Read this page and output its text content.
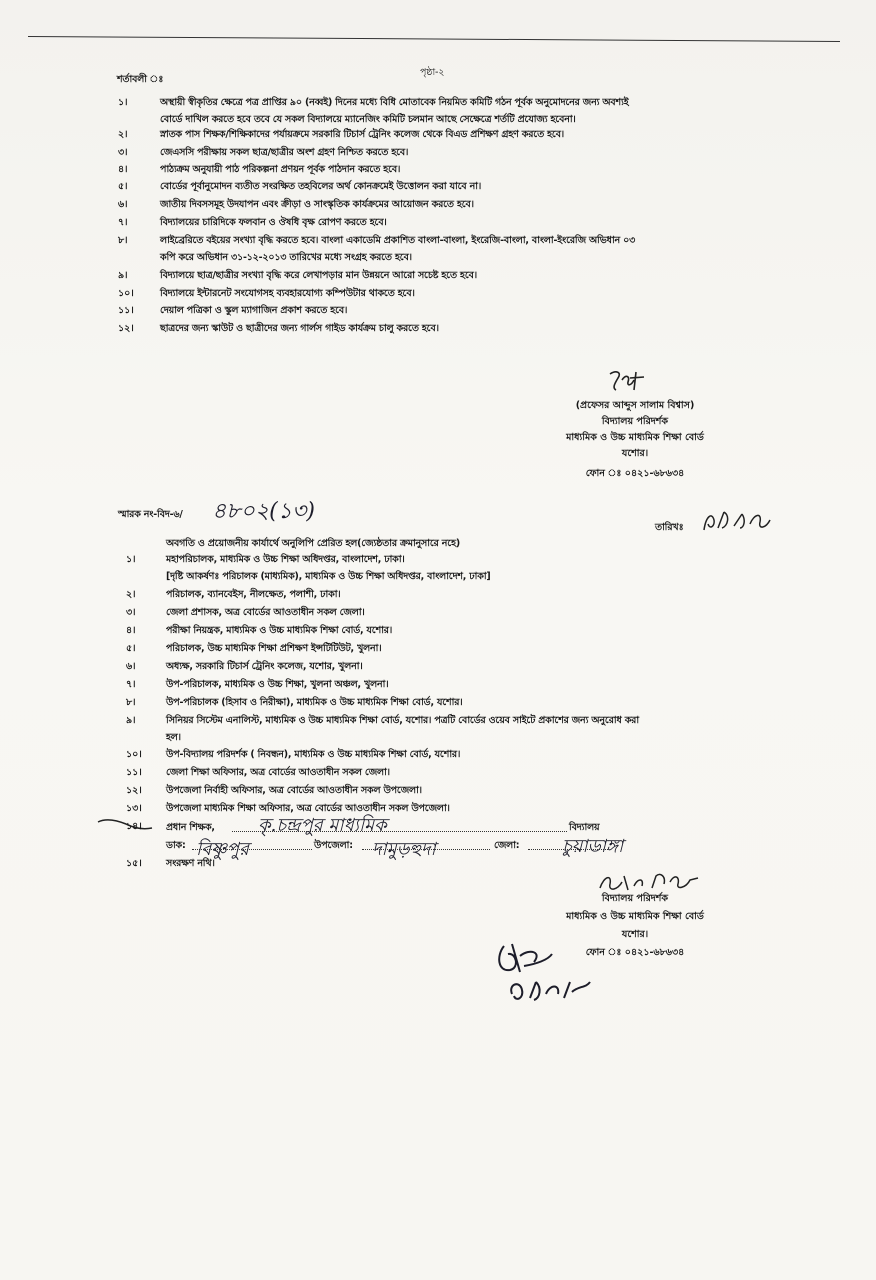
পৃষ্ঠা-২
শর্তাবলী ঃ
১।	অস্থায়ী স্বীকৃতির ক্ষেত্রে পত্র প্রাপ্তির ৯০ (নব্বই) দিনের মধ্যে বিধি মোতাবেক নিয়মিত কমিটি গঠন পূর্বক অনুমোদনের জন্য অবশ্যই
বোর্ডে দাখিল করতে হবে তবে যে সকল বিদ্যালয়ে ম্যানেজিং কমিটি চলমান আছে সেক্ষেত্রে শর্তটি প্রযোজ্য হবেনা।
২।	স্নাতক পাস শিক্ষক/শিক্ষিকাদের পর্যায়ক্রমে সরকারি টিচার্স ট্রেনিং কলেজ থেকে বিএড প্রশিক্ষণ গ্রহণ করতে হবে।
৩।	জেএসসি পরীক্ষায় সকল ছাত্র/ছাত্রীর অংশ গ্রহণ নিশ্চিত করতে হবে।
৪।	পাঠ্যক্রম অনুযায়ী পাঠ পরিকল্পনা প্রণয়ন পূর্বক পাঠদান করতে হবে।
৫।	বোর্ডের পূর্বানুমোদন ব্যতীত সংরক্ষিত তহবিলের অর্থ কোনক্রমেই উত্তোলন করা যাবে না।
৬।	জাতীয় দিবসসমূহ উদযাপন এবং ক্রীড়া ও সাংস্কৃতিক কার্যক্রমের আয়োজন করতে হবে।
৭।	বিদ্যালয়ের চারিদিকে ফলবান ও ঔষধি বৃক্ষ রোপণ করতে হবে।
৮।	লাইব্রেরিতে বইয়ের সংখ্যা বৃদ্ধি করতে হবে। বাংলা একাডেমি প্রকাশিত বাংলা-বাংলা, ইংরেজি-বাংলা, বাংলা-ইংরেজি অভিধান ০৩
কপি করে অভিধান ৩১-১২-২০১৩ তারিখের মধ্যে সংগ্রহ করতে হবে।
৯।	বিদ্যালয়ে ছাত্র/ছাত্রীর সংখ্যা বৃদ্ধি করে লেখাপড়ার মান উন্নয়নে আরো সচেষ্ট হতে হবে।
১০।	বিদ্যালয়ে ইন্টারনেট সংযোগসহ ব্যবহারযোগ্য কম্পিউটার থাকতে হবে।
১১।	দেয়াল পত্রিকা ও স্কুল ম্যাগাজিন প্রকাশ করতে হবে।
১২।	ছাত্রদের জন্য স্কাউট ও ছাত্রীদের জন্য গার্লস গাইড কার্যক্রম চালু করতে হবে।
(প্রফেসর আব্দুস সালাম বিশ্বাস)
বিদ্যালয় পরিদর্শক
মাধ্যমিক ও উচ্চ মাধ্যমিক শিক্ষা বোর্ড
যশোর।
ফোন ঃ ০৪২১-৬৮৬৩৪
স্মারক নং-বিদ-৬/ ৪৮০২(১৩)
তারিখঃ
অবগতি ও প্রয়োজনীয় কার্যার্থে অনুলিপি প্রেরিত হল(জ্যেষ্ঠতার ক্রমানুসারে নহে)
১।	মহাপরিচালক, মাধ্যমিক ও উচ্চ শিক্ষা অধিদপ্তর, বাংলাদেশ, ঢাকা।
[দৃষ্টি আকর্ষণঃ পরিচালক (মাধ্যমিক), মাধ্যমিক ও উচ্চ শিক্ষা অধিদপ্তর, বাংলাদেশ, ঢাকা]
২।	পরিচালক, ব্যানবেইস, নীলক্ষেত, পলাশী, ঢাকা।
৩।	জেলা প্রশাসক, অত্র বোর্ডের আওতাধীন সকল জেলা।
৪।	পরীক্ষা নিয়ন্ত্রক, মাধ্যমিক ও উচ্চ মাধ্যমিক শিক্ষা বোর্ড, যশোর।
৫।	পরিচালক, উচ্চ মাধ্যমিক শিক্ষা প্রশিক্ষণ ইন্সটিটিউট, খুলনা।
৬।	অধ্যক্ষ, সরকারি টিচার্স ট্রেনিং কলেজ, যশোর, খুলনা।
৭।	উপ-পরিচালক, মাধ্যমিক ও উচ্চ শিক্ষা, খুলনা অঞ্চল, খুলনা।
৮।	উপ-পরিচালক (হিসাব ও নিরীক্ষা), মাধ্যমিক ও উচ্চ মাধ্যমিক শিক্ষা বোর্ড, যশোর।
৯।	সিনিয়র সিস্টেম এনালিস্ট, মাধ্যমিক ও উচ্চ মাধ্যমিক শিক্ষা বোর্ড, যশোর। পত্রটি বোর্ডের ওয়েব সাইটে প্রকাশের জন্য অনুরোধ করা
হল।
১০।	উপ-বিদ্যালয় পরিদর্শক ( নিবন্ধন), মাধ্যমিক ও উচ্চ মাধ্যমিক শিক্ষা বোর্ড, যশোর।
১১।	জেলা শিক্ষা অফিসার, অত্র বোর্ডের আওতাধীন সকল জেলা।
১২।	উপজেলা নির্বাহী অফিসার, অত্র বোর্ডের আওতাধীন সকল উপজেলা।
১৩।	উপজেলা মাধ্যমিক শিক্ষা অফিসার, অত্র বোর্ডের আওতাধীন সকল উপজেলা।
১৪।	প্রধান শিক্ষক, কৃ.চন্দ্রপুর মাধ্যমিক	বিদ্যালয়
ডাক: বিষ্ণুপুর	উপজেলা: দামুড়হুদা	জেলা: চুয়াডাঙ্গা
১৫।	সংরক্ষণ নথি।
বিদ্যালয় পরিদর্শক
মাধ্যমিক ও উচ্চ মাধ্যমিক শিক্ষা বোর্ড
যশোর।
ফোন ঃ ০৪২১-৬৮৬৩৪
